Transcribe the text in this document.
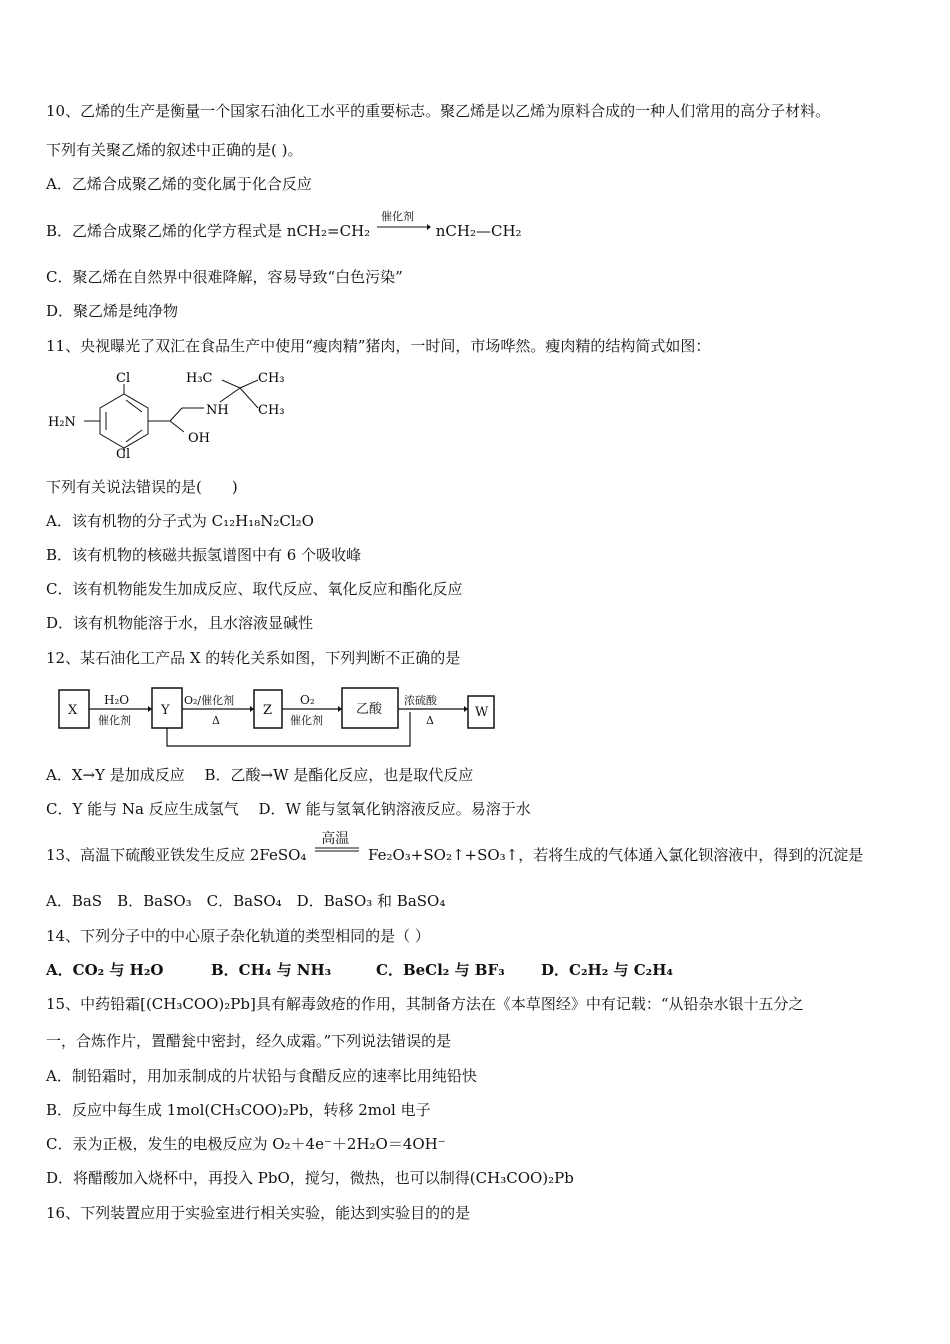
10、乙烯的生产是衡量一个国家石油化工水平的重要标志。聚乙烯是以乙烯为原料合成的一种人们常用的高分子材料。
下列有关聚乙烯的叙述中正确的是( )。
A．乙烯合成聚乙烯的变化属于化合反应
B．乙烯合成聚乙烯的化学方程式是 nCH₂=CH₂
催化剂
nCH₂—CH₂
C．聚乙烯在自然界中很难降解，容易导致“白色污染”
D．聚乙烯是纯净物
11、央视曝光了双汇在食品生产中使用“瘦肉精”猪肉，一时间，市场哗然。瘦肉精的结构简式如图：
H₂N
Cl
Cl
OH
NH
H₃C	CH₃
CH₃
下列有关说法错误的是(　　)
A．该有机物的分子式为 C₁₂H₁₈N₂Cl₂O
B．该有机物的核磁共振氢谱图中有 6 个吸收峰
C．该有机物能发生加成反应、取代反应、氧化反应和酯化反应
D．该有机物能溶于水，且水溶液显碱性
12、某石油化工产品 X 的转化关系如图，下列判断不正确的是
X
H₂O
催化剂
Y
O₂/催化剂
Δ
Z
O₂
催化剂
乙酸
浓硫酸
Δ
W
A．X→Y 是加成反应　 B．乙酸→W 是酯化反应，也是取代反应
C．Y 能与 Na 反应生成氢气　 D．W 能与氢氧化钠溶液反应。易溶于水
13、高温下硫酸亚铁发生反应 2FeSO₄
高温
Fe₂O₃+SO₂↑+SO₃↑，若将生成的气体通入氯化钡溶液中，得到的沉淀是
A．BaS　B．BaSO₃　C．BaSO₄　D．BaSO₃ 和 BaSO₄
14、下列分子中的中心原子杂化轨道的类型相同的是（ ）
A．CO₂ 与 H₂O	B．CH₄ 与 NH₃	C．BeCl₂ 与 BF₃ D．C₂H₂ 与 C₂H₄
15、中药铅霜[(CH₃COO)₂Pb]具有解毒敛疮的作用，其制备方法在《本草图经》中有记载：“从铅杂水银十五分之
一，合炼作片，置醋瓮中密封，经久成霜。”下列说法错误的是
A．制铅霜时，用加汞制成的片状铅与食醋反应的速率比用纯铅快
B．反应中每生成 1mol(CH₃COO)₂Pb，转移 2mol 电子
C．汞为正极，发生的电极反应为 O₂＋4e⁻＋2H₂O＝4OH⁻
D．将醋酸加入烧杯中，再投入 PbO，搅匀，微热，也可以制得(CH₃COO)₂Pb
16、下列装置应用于实验室进行相关实验，能达到实验目的的是
